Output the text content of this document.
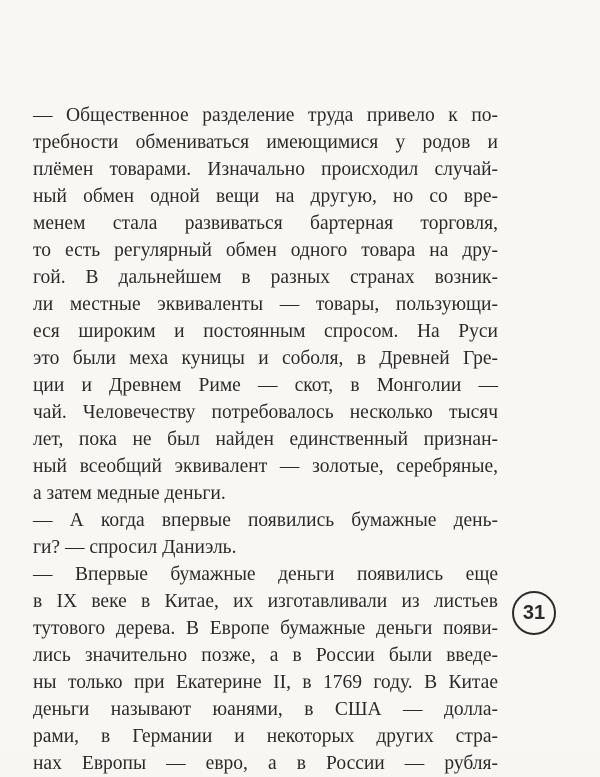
— Общественное разделение труда привело к по-
требности обмениваться имеющимися у родов и
плёмен товарами. Изначально происходил случай-
ный обмен одной вещи на другую, но со вре-
менем стала развиваться бартерная торговля,
то есть регулярный обмен одного товара на дру-
гой. В дальнейшем в разных странах возник-
ли местные эквиваленты — товары, пользующи-
еся широким и постоянным спросом. На Руси
это были меха куницы и соболя, в Древней Гре-
ции и Древнем Риме — скот, в Монголии —
чай. Человечеству потребовалось несколько тысяч
лет, пока не был найден единственный признан-
ный всеобщий эквивалент — золотые, серебряные,
а затем медные деньги.
— А когда впервые появились бумажные день-
ги? — спросил Даниэль.
— Впервые бумажные деньги появились еще
в IX веке в Китае, их изготавливали из листьев
тутового дерева. В Европе бумажные деньги появи-
лись значительно позже, а в России были введе-
ны только при Екатерине II, в 1769 году. В Китае
деньги называют юанями, в США — долла-
рами, в Германии и некоторых других стра-
нах Европы — евро, а в России — рубля-
31
